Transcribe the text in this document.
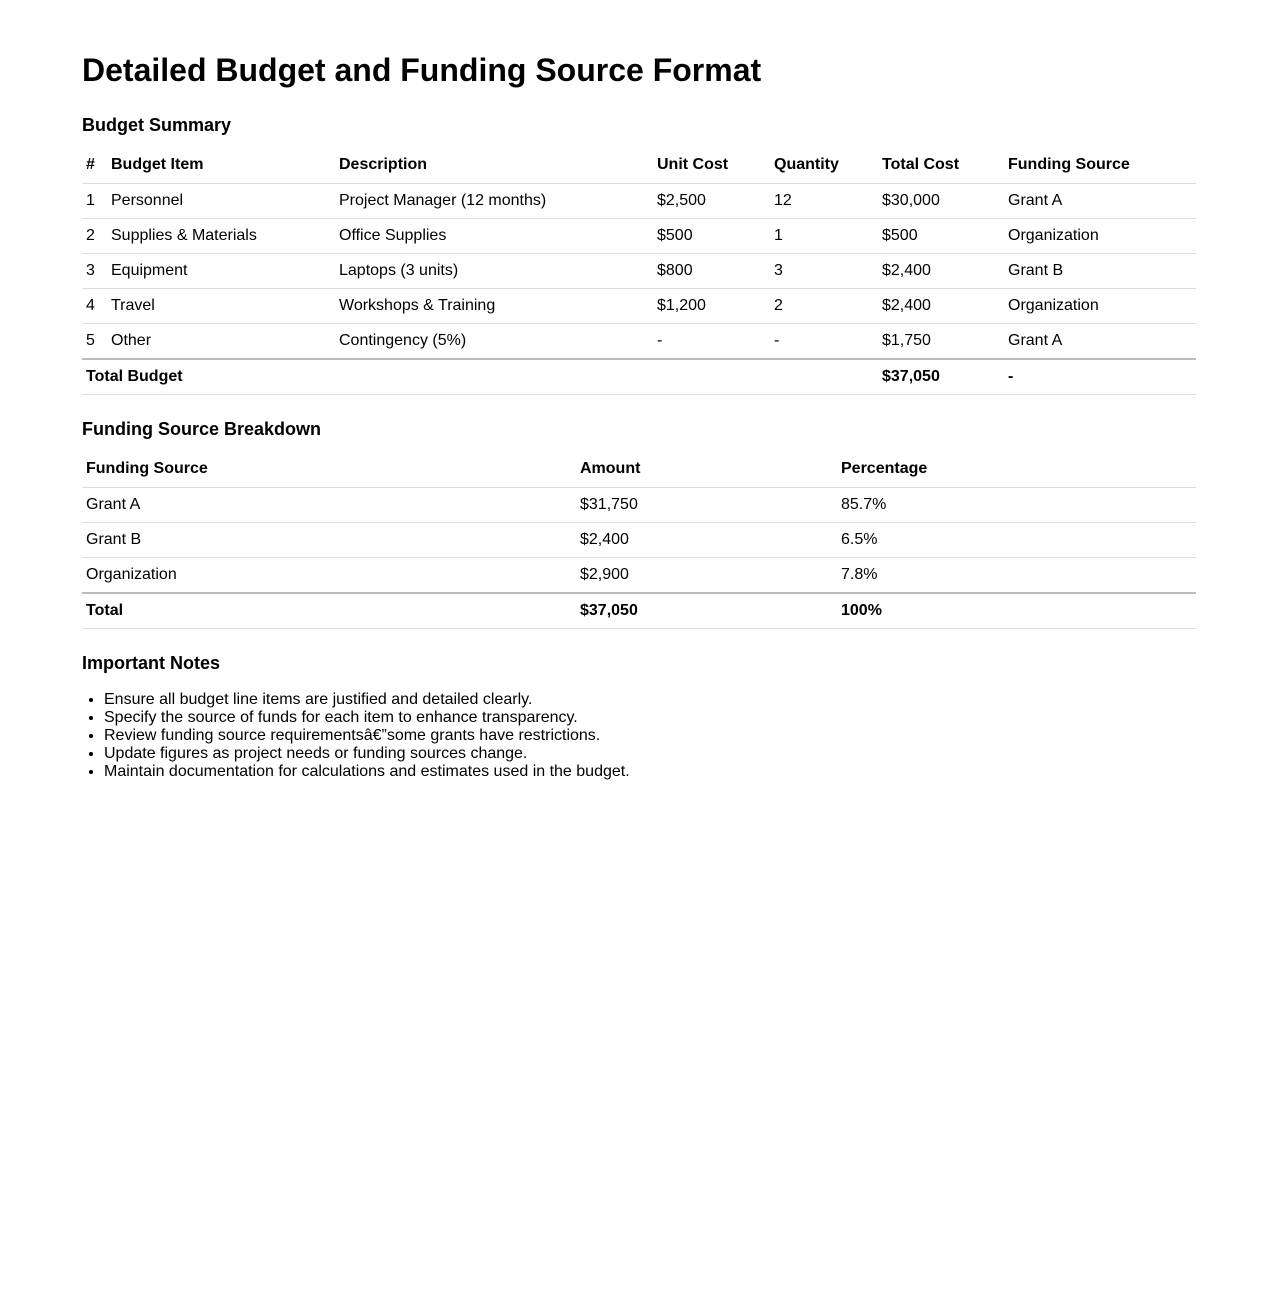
Detailed Budget and Funding Source Format
Budget Summary
#	Budget Item	Description	Unit Cost	Quantity	Total Cost	Funding Source
1	Personnel	Project Manager (12 months)	$2,500	12	$30,000	Grant A
2	Supplies & Materials	Office Supplies	$500	1	$500	Organization
3	Equipment	Laptops (3 units)	$800	3	$2,400	Grant B
4	Travel	Workshops & Training	$1,200	2	$2,400	Organization
5	Other	Contingency (5%)	-	-	$1,750	Grant A
Total Budget					$37,050	-
Funding Source Breakdown
Funding Source	Amount	Percentage
Grant A	$31,750	85.7%
Grant B	$2,400	6.5%
Organization	$2,900	7.8%
Total	$37,050	100%
Important Notes
• Ensure all budget line items are justified and detailed clearly.
• Specify the source of funds for each item to enhance transparency.
• Review funding source requirementsâ€”some grants have restrictions.
• Update figures as project needs or funding sources change.
• Maintain documentation for calculations and estimates used in the budget.
